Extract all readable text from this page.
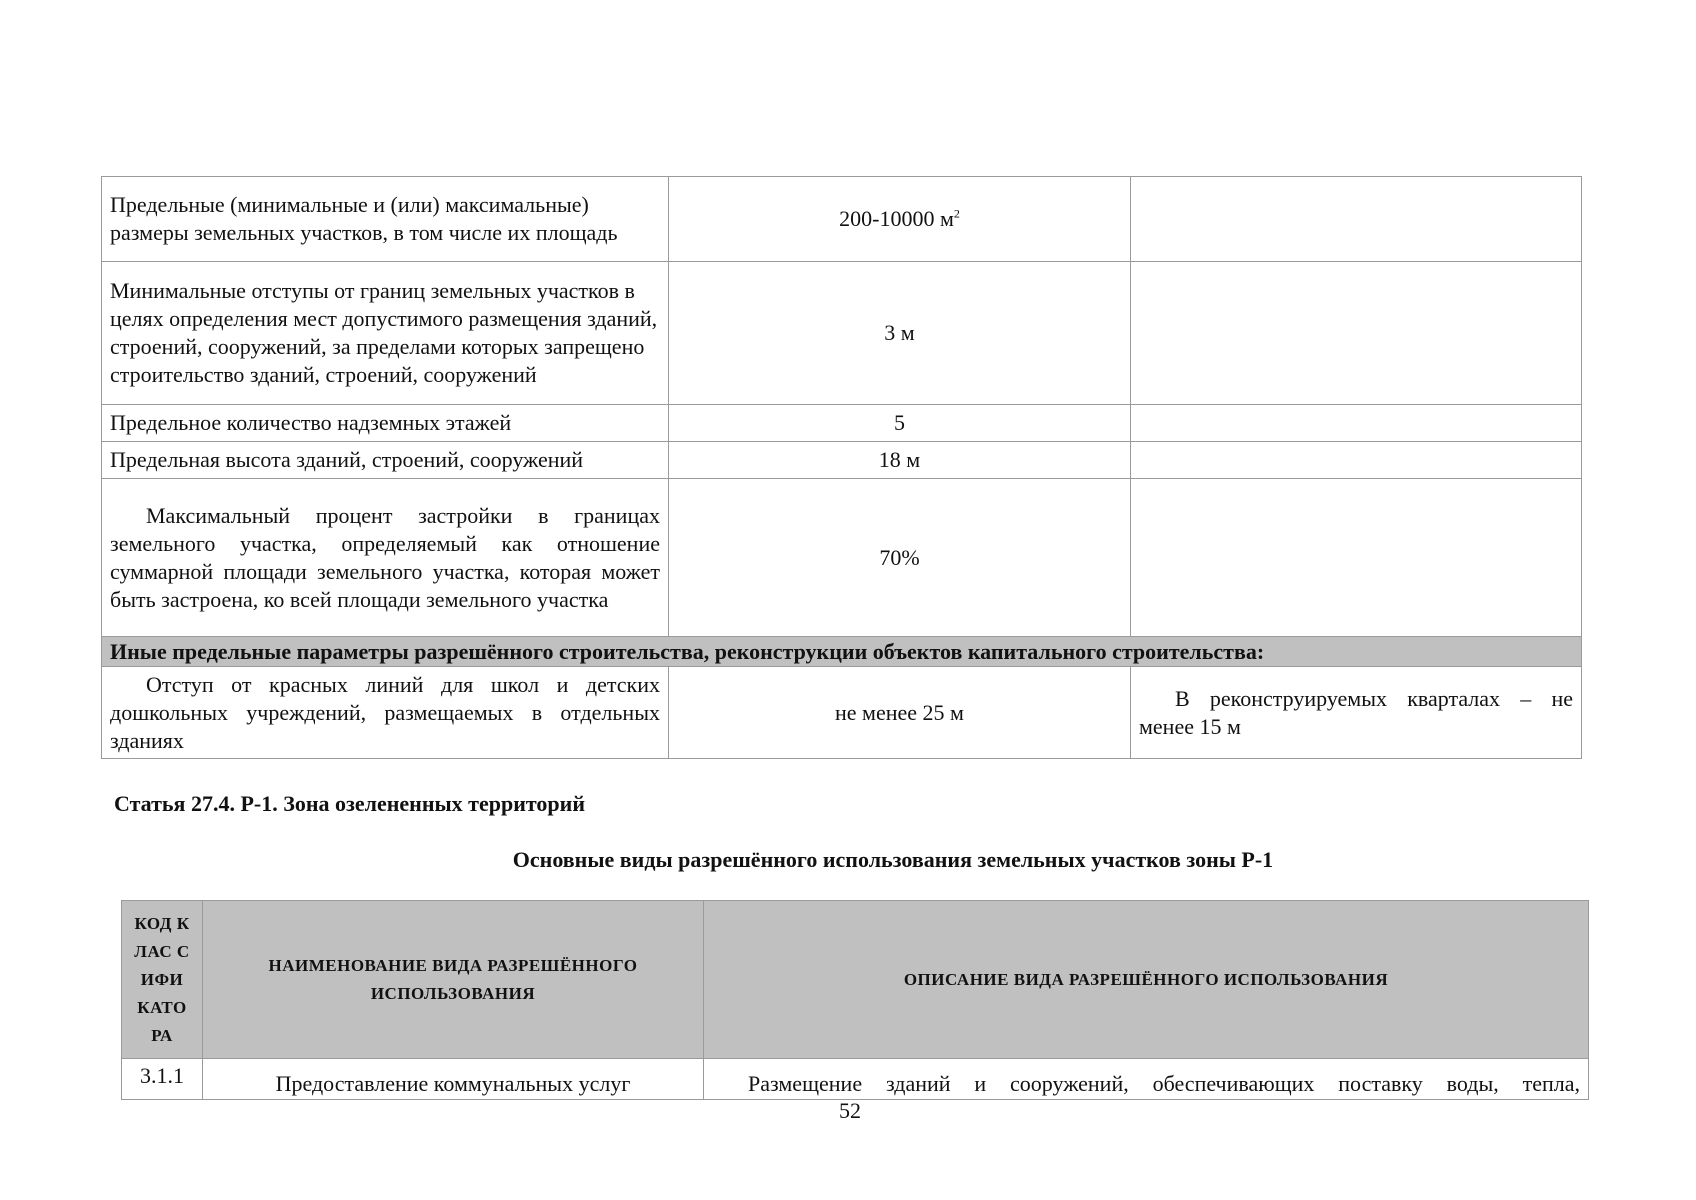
Предельные (минимальные и (или) максимальные) размеры земельных участков, в том числе их площадь	200-10000 $м^2$	
Минимальные отступы от границ земельных участков в целях определения мест допустимого размещения зданий, строений, сооружений, за пределами которых запрещено строительство зданий, строений, сооружений	3 м	
Предельное количество надземных этажей	5	
Предельная высота зданий, строений, сооружений	18 м	
Максимальный процент застройки в границах земельного участка, определяемый как отношение суммарной площади земельного участка, которая может быть застроена, ко всей площади земельного участка	70%	
Иные предельные параметры разрешённого строительства, реконструкции объектов капитального строительства:		
Отступ от красных линий для школ и детских дошкольных учреждений, размещаемых в отдельных зданиях	не менее 25 м	В реконструируемых кварталах – не менее 15 м
Статья 27.4. Р-1. Зона озелененных территорий
Основные виды разрешённого использования земельных участков зоны Р-1
КОД КЛАС СИФИ КАТО РА	НАИМЕНОВАНИЕ ВИДА РАЗРЕШЁННОГО ИСПОЛЬЗОВАНИЯ	ОПИСАНИЕ ВИДА РАЗРЕШЁННОГО ИСПОЛЬЗОВАНИЯ
3.1.1	Предоставление коммунальных услуг	Размещение зданий и сооружений, обеспечивающих поставку воды, тепла,
52
